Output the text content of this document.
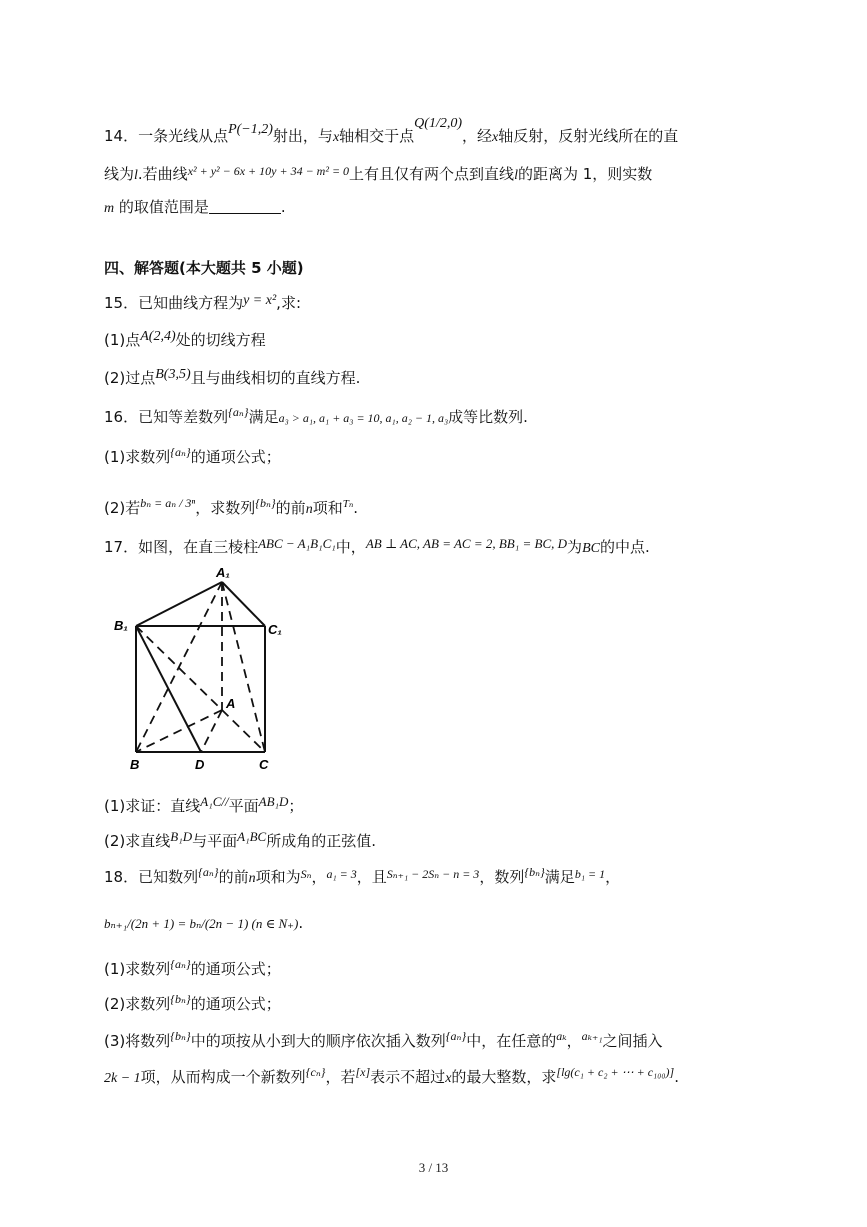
14．一条光线从点P(−1,2)射出，与x轴相交于点Q(1/2,0)，经x轴反射，反射光线所在的直
线为l.若曲线$^{x^2 + y^2 - 6x + 10y + 34 - m^2 = 0}$上有且仅有两个点到直线l的距离为 1，则实数
m 的取值范围是	.
四、解答题(本大题共 5 小题)
15．已知曲线方程为y = x²,求:
(1)点A(2,4)处的切线方程
(2)过点B(3,5)且与曲线相切的直线方程.
16．已知等差数列$^{\{a_n\}}$满足a₃ > a₁, a₁ + a₃ = 10, a₁, a₂ − 1, a₃成等比数列.
(1)求数列$^{\{a_n\}}$的通项公式；
(2)若$^{b_n = a_n / 3^n}$，求数列$^{\{b_n\}}$的前n项和$^{T_n}$.
17．如图，在直三棱柱ABC − A₁B₁C₁中，AB ⊥ AC, AB = AC = 2, BB₁ = BC, D为BC的中点.
A₁
B₁	C₁
A
B	D	C
(1)求证：直线A₁C//平面AB₁D；
(2)求直线B₁D与平面A₁BC所成角的正弦值.
18．已知数列$^{\{a_n\}}$的前n项和为$^{S_n}$，$^{a_1 = 3}$，且$^{S_{n+1} - 2S_n - n = 3}$，数列$^{\{b_n\}}$满足$^{b_1 = 1}$，
bₙ₊₁/(2n + 1) = bₙ/(2n − 1) (n ∈ N₊).
(1)求数列$^{\{a_n\}}$的通项公式；
(2)求数列$^{\{b_n\}}$的通项公式；
(3)将数列$^{\{b_n\}}$中的项按从小到大的顺序依次插入数列$^{\{a_n\}}$中，在任意的$^{a_k}$，$^{a_{k+1}}$之间插入
2k − 1项，从而构成一个新数列$^{\{c_n\}}$，若[x]表示不超过x的最大整数，求[lg(c₁ + c₂ + ⋯ + c₁₀₀)].
3 / 13
